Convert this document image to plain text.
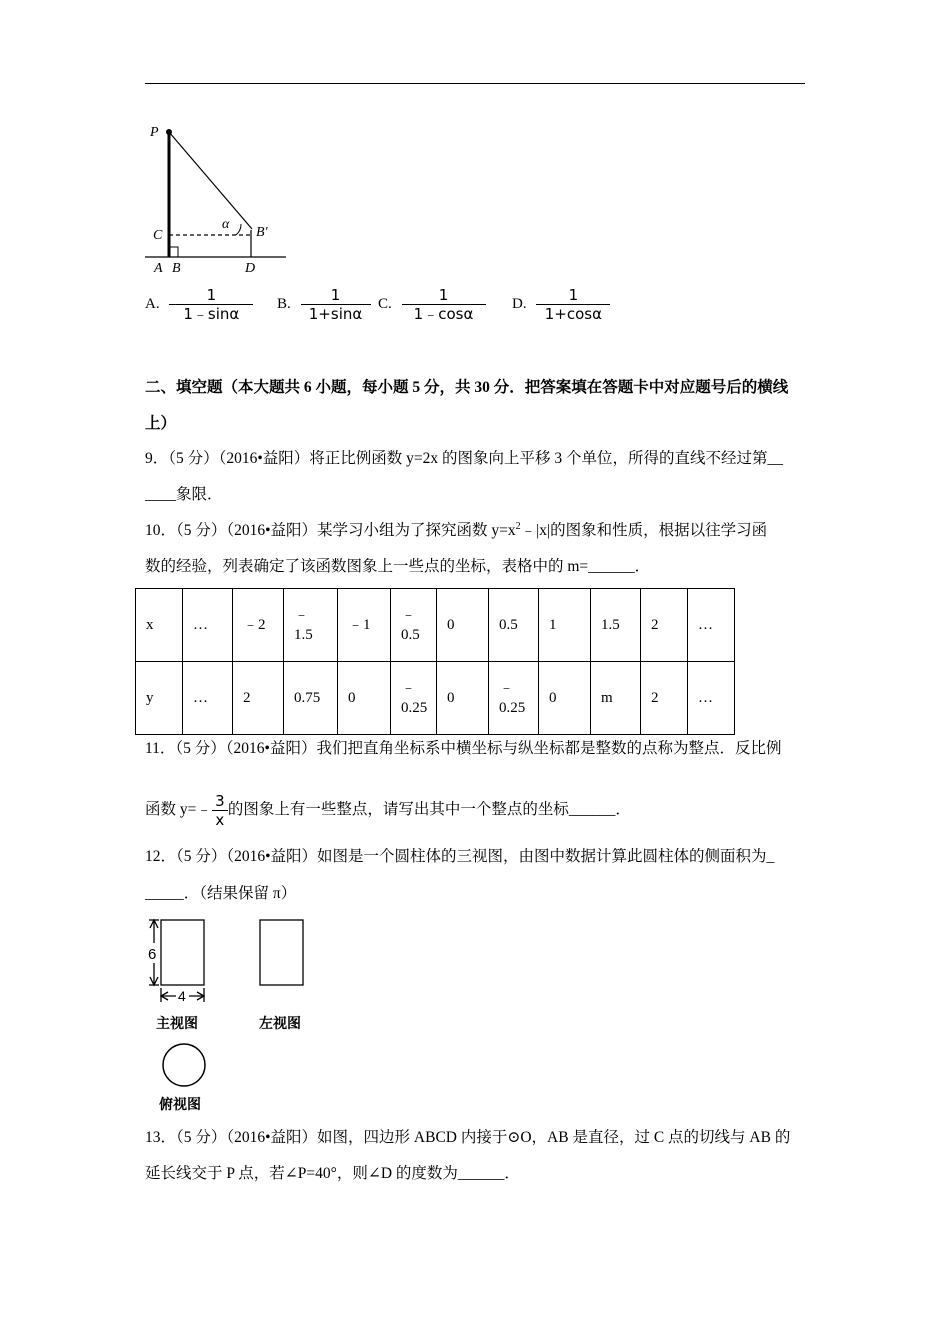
P
C
A B	D
B′
α
A. $\frac{1}{1﹣\sin\alpha} B$. $\frac{1}{1+\sin\alpha} C$. $\frac{1}{1﹣\cos\alpha} D$. $\frac{1}{1+\cos\alpha}$
二、填空题（本大题共 6 小题，每小题 5 分，共 30 分．把答案填在答题卡中对应题号后的横线
上）
9．（5 分）（2016•益阳）将正比例函数 y=2x 的图象向上平移 3 个单位，所得的直线不经过第__
____象限．
10．（5 分）（2016•益阳）某学习小组为了探究函数 $y=x^2﹣|x|$的图象和性质，根据以往学习函
数的经验，列表确定了该函数图象上一些点的坐标，表格中的 m=______．
x	…	﹣2	﹣
1.5	﹣1	﹣
0.5	0	0.5	1	1.5	2	…
y	…	2	0.75	0	﹣
0.25	0	﹣
0.25	0	m	2	…
11．（5 分）（2016•益阳）我们把直角坐标系中横坐标与纵坐标都是整数的点称为整点．反比例
函数 y=﹣ $\frac{3}{x}$ 的图象上有一些整点，请写出其中一个整点的坐标______．
12．（5 分）（2016•益阳）如图是一个圆柱体的三视图，由图中数据计算此圆柱体的侧面积为_
_____．（结果保留 π）
6
4
主视图	左视图
俯视图
13．（5 分）（2016•益阳）如图，四边形 ABCD 内接于⊙O，AB 是直径，过 C 点的切线与 AB 的
延长线交于 P 点，若∠P=40°，则∠D 的度数为______．
